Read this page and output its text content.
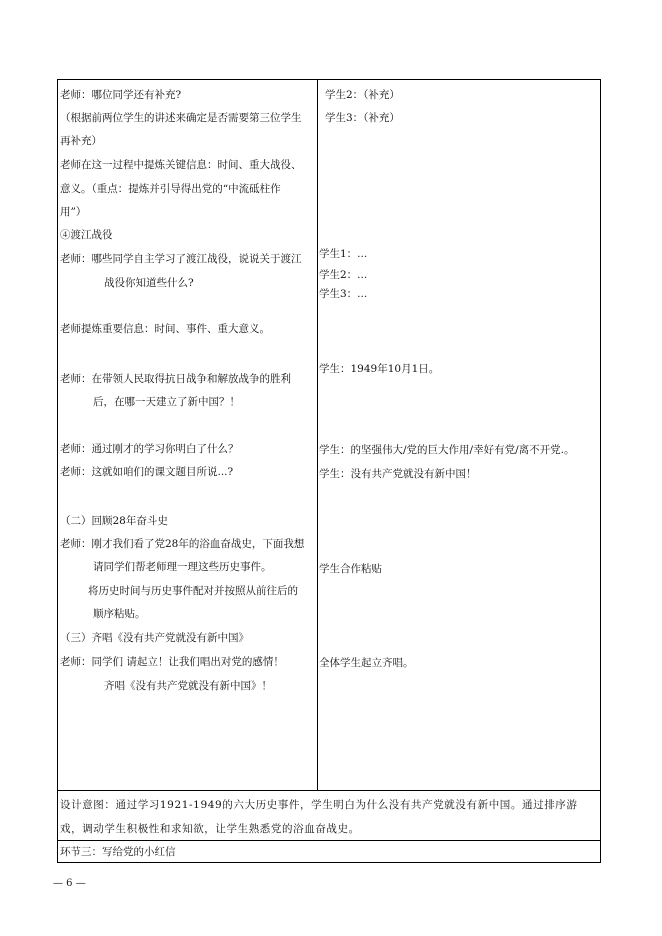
老师：哪位同学还有补充?
（根据前两位学生的讲述来确定是否需要第三位学生
再补充）
老师在这一过程中提炼关键信息：时间、重大战役、
意义。（重点：提炼并引导得出党的“中流砥柱作
用”）
④渡江战役
老师：哪些同学自主学习了渡江战役，说说关于渡江
战役你知道些什么?
老师提炼重要信息：时间、事件、重大意义。
老师：在带领人民取得抗日战争和解放战争的胜利
后，在哪一天建立了新中国？！
老师：通过刚才的学习你明白了什么？
老师：这就如咱们的课文题目所说...?
（二）回顾28年奋斗史
老师：刚才我们看了党28年的浴血奋战史，下面我想
请同学们帮老师理一理这些历史事件。
将历史时间与历史事件配对并按照从前往后的
顺序粘贴。
（三）齐唱《没有共产党就没有新中国》
老师：同学们 请起立！让我们唱出对党的感情！
齐唱《没有共产党就没有新中国》！
学生2：（补充）
学生3：（补充）
学生1：...
学生2：...
学生3：...
学生：1949年10月1日。
学生：的坚强伟大/党的巨大作用/幸好有党/离不开党.。
学生：没有共产党就没有新中国！
学生合作粘贴
全体学生起立齐唱。
设计意图：通过学习1921-1949的六大历史事件，学生明白为什么没有共产党就没有新中国。通过排序游
戏，调动学生积极性和求知欲，让学生熟悉党的浴血奋战史。
环节三：写给党的小红信
— 6 —
